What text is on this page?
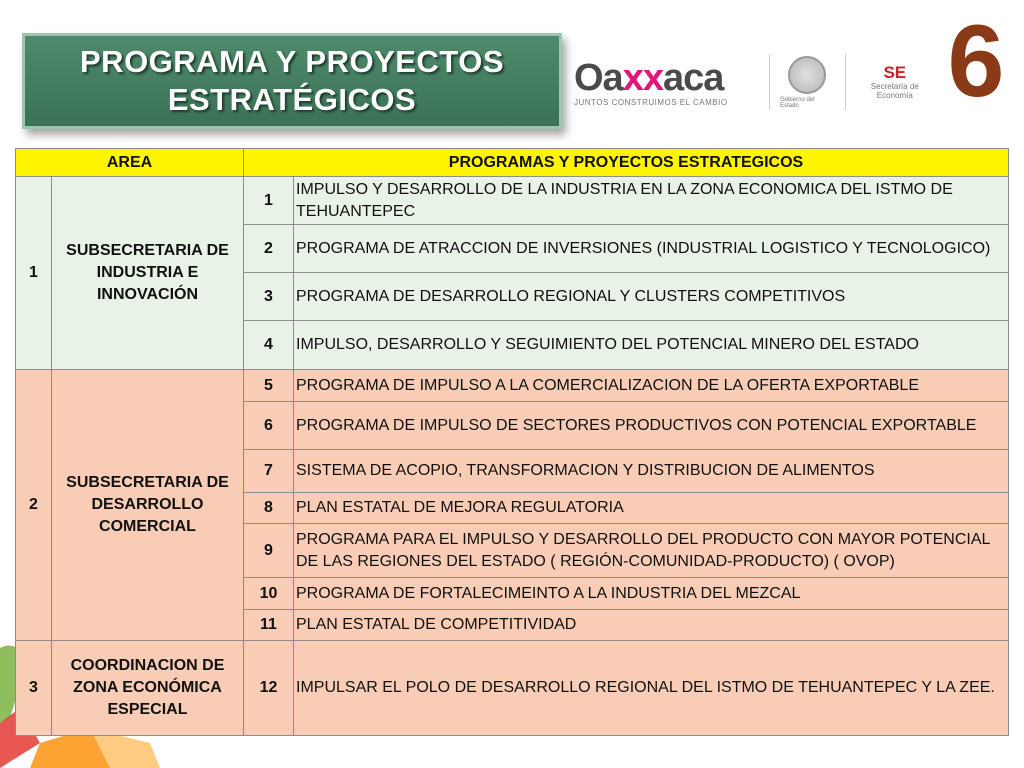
PROGRAMA Y PROYECTOS
ESTRATÉGICOS
Oaxxaca
JUNTOS CONSTRUIMOS EL CAMBIO	Gobierno del Estado
SE
Secretaría de
Economía 6
AREA		PROGRAMAS Y PROYECTOS ESTRATEGICOS	
1	SUBSECRETARIA DE INDUSTRIA E INNOVACIÓN	1	IMPULSO Y DESARROLLO DE LA INDUSTRIA EN LA ZONA ECONOMICA DEL ISTMO DE TEHUANTEPEC
		2	PROGRAMA DE ATRACCION DE INVERSIONES (INDUSTRIAL LOGISTICO Y TECNOLOGICO)
		3	PROGRAMA DE DESARROLLO REGIONAL Y CLUSTERS COMPETITIVOS
		4	IMPULSO, DESARROLLO Y SEGUIMIENTO DEL POTENCIAL MINERO DEL ESTADO
2	SUBSECRETARIA DE DESARROLLO COMERCIAL	5	PROGRAMA DE IMPULSO A LA COMERCIALIZACION DE LA OFERTA EXPORTABLE
		6	PROGRAMA DE IMPULSO DE SECTORES PRODUCTIVOS CON POTENCIAL EXPORTABLE
		7	SISTEMA DE ACOPIO, TRANSFORMACION Y DISTRIBUCION DE ALIMENTOS
		8	PLAN ESTATAL DE MEJORA REGULATORIA
		9	PROGRAMA PARA EL IMPULSO Y DESARROLLO DEL PRODUCTO CON MAYOR POTENCIAL DE LAS REGIONES DEL ESTADO ( REGIÓN-COMUNIDAD-PRODUCTO) ( OVOP)
		10	PROGRAMA DE FORTALECIMEINTO A LA INDUSTRIA DEL MEZCAL
		11	PLAN ESTATAL DE COMPETITIVIDAD
3	COORDINACION DE ZONA ECONÓMICA ESPECIAL	12	IMPULSAR EL POLO DE DESARROLLO REGIONAL DEL ISTMO DE TEHUANTEPEC Y LA ZEE.
